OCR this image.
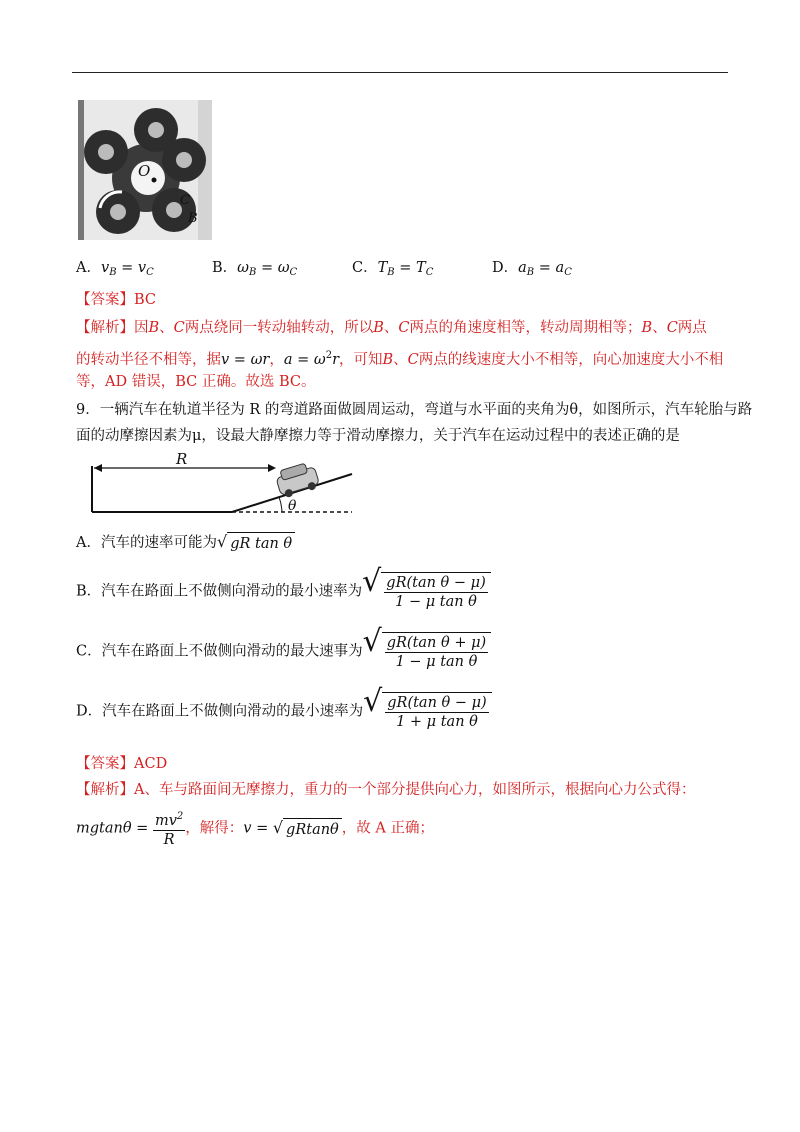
O
C
B
A．$v_B = v_C$	B．$\omega_B = \omega_C$	C．$T_B = T_C$	D．$a_B = a_C$
【答案】BC
【解析】因B、C两点绕同一转动轴转动，所以B、C两点的角速度相等，转动周期相等；B、C两点
的转动半径不相等，据v = ωr，$a = \omega^2r$，可知B、C两点的线速度大小不相等，向心加速度大小不相
等，AD 错误，BC 正确。故选 BC。
9．一辆汽车在轨道半径为 R 的弯道路面做圆周运动，弯道与水平面的夹角为θ，如图所示，汽车轮胎与路
面的动摩擦因素为μ，设最大静摩擦力等于滑动摩擦力，关于汽车在运动过程中的表述正确的是
R
θ
A．汽车的速率可能为√ gR tan θ
B．汽车在路面上不做侧向滑动的最小速率为√ $\frac{\text{gR(tan θ − μ)}}{\text{1 − μ tan θ}}$
C．汽车在路面上不做侧向滑动的最大速事为√ $\frac{\text{gR(tan θ + μ)}}{\text{1 − μ tan θ}}$
D．汽车在路面上不做侧向滑动的最小速率为√ $\frac{\text{gR(tan θ − μ)}}{\text{1 + μ tan θ}}$
【答案】ACD
【解析】A、车与路面间无摩擦力，重力的一个部分提供向心力，如图所示，根据向心力公式得：
$mgtan\theta = \frac{mv^2}{R}$ ，解得：v = √ gRtanθ ，故 A 正确；
